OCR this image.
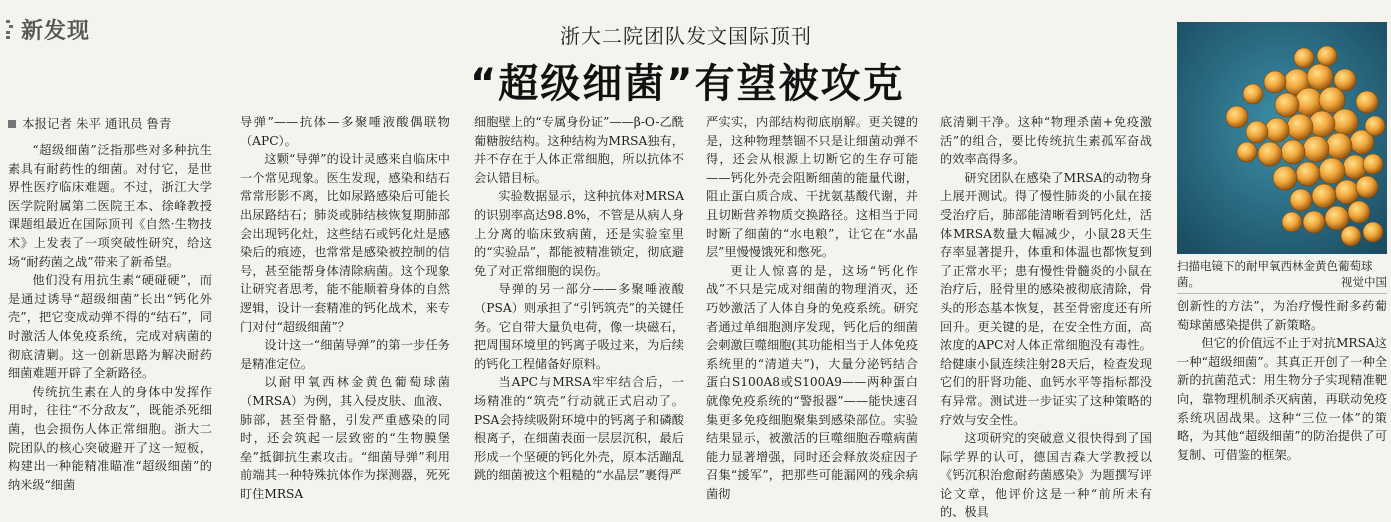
新发现	浙大二院团队发文国际顶刊
“超级细菌”有望被攻克
本报记者 朱平 通讯员 鲁青

“超级细菌”泛指那些对多种抗生素具有耐药性的细菌。对付它，是世界性医疗临床难题。不过，浙江大学医学院附属第二医院王本、徐峰教授课题组最近在国际顶刊《自然·生物技术》上发表了一项突破性研究，给这场“耐药菌之战”带来了新希望。

他们没有用抗生素“硬碰硬”，而是通过诱导“超级细菌”长出“钙化外壳”，把它变成动弹不得的“结石”，同时激活人体免疫系统，完成对病菌的彻底清剿。这一创新思路为解决耐药细菌难题开辟了全新路径。

传统抗生素在人的身体中发挥作用时，往往“不分敌友”，既能杀死细菌，也会损伤人体正常细胞。浙大二院团队的核心突破避开了这一短板，构建出一种能精准瞄准“超级细菌”的纳米级“细菌

导弹”——抗体—多聚唾液酸偶联物（APC）。

这颗“导弹”的设计灵感来自临床中一个常见现象。医生发现，感染和结石常常形影不离，比如尿路感染后可能长出尿路结石；肺炎或肺结核恢复期肺部会出现钙化灶，这些结石或钙化灶是感染后的痕迹，也常常是感染被控制的信号，甚至能帮身体清除病菌。这个现象让研究者思考，能不能顺着身体的自然逻辑，设计一套精准的钙化战术，来专门对付“超级细菌”？

设计这一“细菌导弹”的第一步任务是精准定位。

以耐甲氧西林金黄色葡萄球菌（MRSA）为例，其入侵皮肤、血液、肺部，甚至骨骼，引发严重感染的同时，还会筑起一层致密的“生物膜堡垒”抵御抗生素攻击。“细菌导弹”利用前端其一种特殊抗体作为探测器，死死盯住MRSA

细胞壁上的“专属身份证”——β-O-乙酰葡糖胺结构。这种结构为MRSA独有，并不存在于人体正常细胞，所以抗体不会认错目标。

实验数据显示，这种抗体对MRSA的识别率高达98.8%，不管是从病人身上分离的临床致病菌，还是实验室里的“实验品”，都能被精准锁定，彻底避免了对正常细胞的误伤。

导弹的另一部分——多聚唾液酸（PSA）则承担了“引钙筑壳”的关键任务。它自带大量负电荷，像一块磁石，把周围环境里的钙离子吸过来，为后续的钙化工程储备好原料。

当APC与MRSA牢牢结合后，一场精准的“筑壳”行动就正式启动了。PSA会持续吸附环境中的钙离子和磷酸根离子，在细菌表面一层层沉积，最后形成一个坚硬的钙化外壳，原本活蹦乱跳的细菌被这个粗糙的“水晶层”裹得严

严实实，内部结构彻底崩解。更关键的是，这种物理禁锢不只是让细菌动弹不得，还会从根源上切断它的生存可能——钙化外壳会阻断细菌的能量代谢，阻止蛋白质合成、干扰氨基酸代谢，并且切断营养物质交换路径。这相当于同时断了细菌的“水电粮”，让它在“水晶层”里慢慢饿死和憋死。

更让人惊喜的是，这场“钙化作战”不只是完成对细菌的物理消灭，还巧妙激活了人体自身的免疫系统。研究者通过单细胞测序发现，钙化后的细菌会刺激巨噬细胞(其功能相当于人体免疫系统里的“清道夫”)，大量分泌钙结合蛋白S100A8或S100A9——两种蛋白就像免疫系统的“警报器”——能快速召集更多免疫细胞聚集到感染部位。实验结果显示，被激活的巨噬细胞吞噬病菌能力显著增强，同时还会释放炎症因子召集“援军”，把那些可能漏网的残余病菌彻

底清剿干净。这种“物理杀菌+免疫激活”的组合，要比传统抗生素孤军奋战的效率高得多。

研究团队在感染了MRSA的动物身上展开测试。得了慢性肺炎的小鼠在接受治疗后，肺部能清晰看到钙化灶，活体MRSA数量大幅减少，小鼠28天生存率显著提升，体重和体温也都恢复到了正常水平；患有慢性骨髓炎的小鼠在治疗后，胫骨里的感染被彻底清除，骨头的形态基本恢复，甚至骨密度还有所回升。更关键的是，在安全性方面，高浓度的APC对人体正常细胞没有毒性。给健康小鼠连续注射28天后，检查发现它们的肝肾功能、血钙水平等指标都没有异常。测试进一步证实了这种策略的疗效与安全性。

这项研究的突破意义很快得到了国际学界的认可，德国吉森大学教授以《钙沉积治愈耐药菌感染》为题撰写评论文章，他评价这是一种“前所未有的、极具

扫描电镜下的耐甲氧西林金黄色葡萄球菌。	视觉中国

创新性的方法”，为治疗慢性耐多药葡萄球菌感染提供了新策略。

但它的价值远不止于对抗MRSA这一种“超级细菌”。其真正开创了一种全新的抗菌范式：用生物分子实现精准靶向，靠物理机制杀灭病菌，再联动免疫系统巩固战果。这种“三位一体”的策略，为其他“超级细菌”的防治提供了可复制、可借鉴的框架。
